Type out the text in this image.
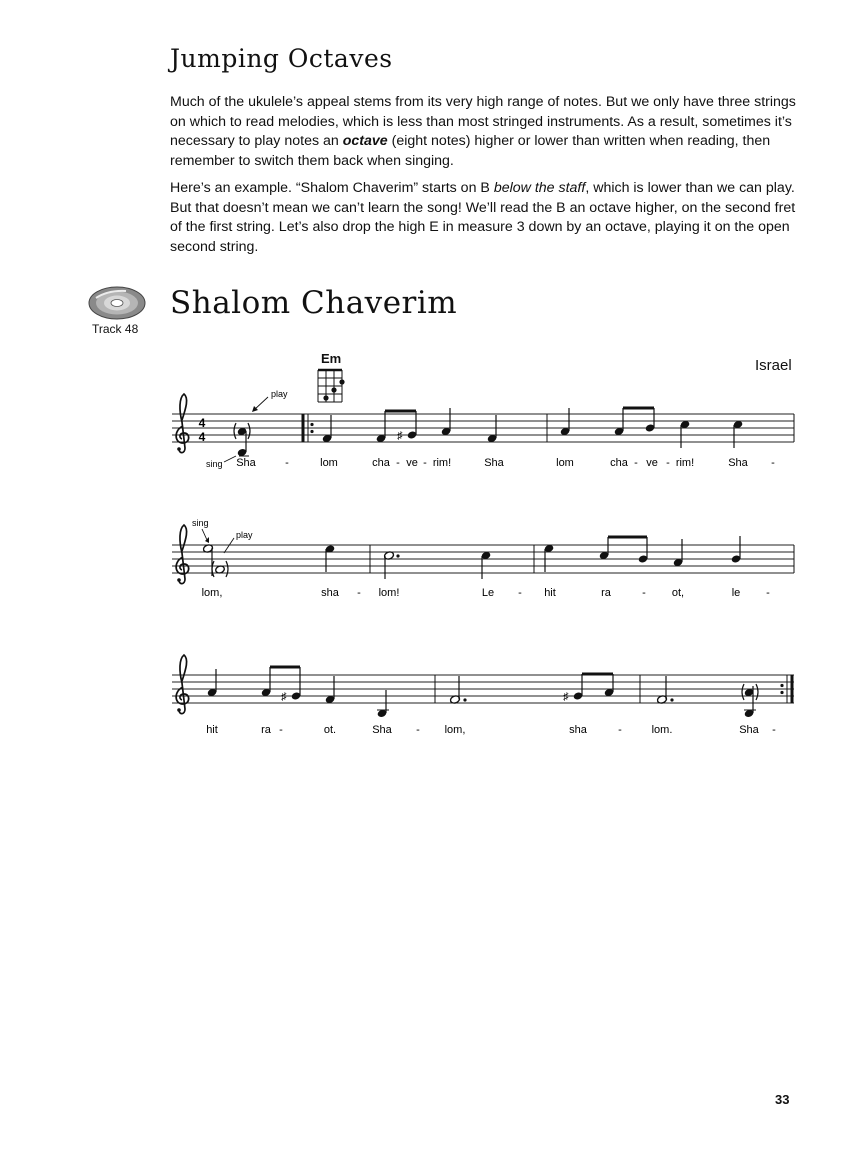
Jumping Octaves

Much of the ukulele’s appeal stems from its very high range of notes. But we only have three strings on which to read melodies, which is less than most stringed instruments. As a result, sometimes it’s necessary to play notes an octave (eight notes) higher or lower than written when reading, then remember to switch them back when singing.

Here’s an example. “Shalom Chaverim” starts on B below the staff, which is lower than we can play. But that doesn’t mean we can’t learn the song! We’ll read the B an octave higher, on the second fret of the first string. Let’s also drop the high E in measure 3 down by an octave, playing it on the open second string.

Track 48
Shalom Chaverim
Israel
Em
4
4
play
sing
♯
Sha	-	lom	cha - ve - rim!	Sha	lom	cha - ve - rim!	Sha -
sing
play
lom,	sha - lom!	Le - hit	ra	- ot,	le -
♯	♯
hit	ra -	ot.	Sha - lom,	sha	-	lom.	Sha -
33
